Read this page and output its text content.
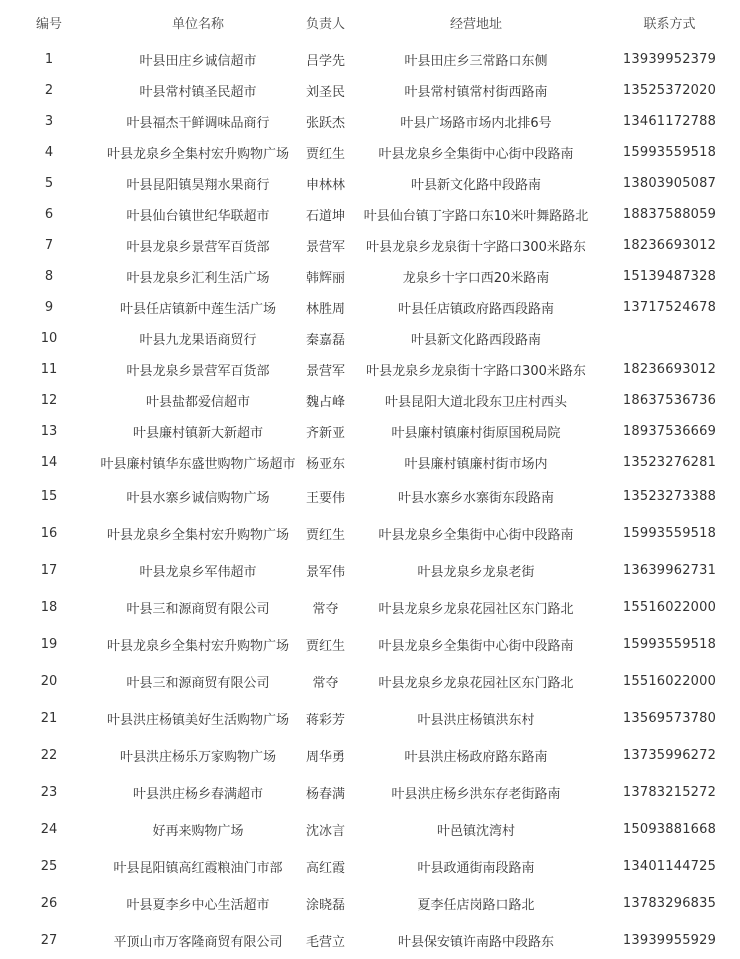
编号	单位名称	负责人	经营地址	联系方式
1	叶县田庄乡诚信超市	吕学先	叶县田庄乡三常路口东侧	13939952379
2	叶县常村镇圣民超市	刘圣民	叶县常村镇常村街西路南	13525372020
3	叶县福杰干鲜调味品商行	张跃杰	叶县广场路市场内北排6号	13461172788
4	叶县龙泉乡全集村宏升购物广场	贾红生	叶县龙泉乡全集街中心街中段路南	15993559518
5	叶县昆阳镇昊翔水果商行	申林林	叶县新文化路中段路南	13803905087
6	叶县仙台镇世纪华联超市	石道坤	叶县仙台镇丁字路口东10米叶舞路路北	18837588059
7	叶县龙泉乡景营军百货部	景营军	叶县龙泉乡龙泉街十字路口300米路东	18236693012
8	叶县龙泉乡汇利生活广场	韩辉丽	龙泉乡十字口西20米路南	15139487328
9	叶县任店镇新中莲生活广场	林胜周	叶县任店镇政府路西段路南	13717524678
10	叶县九龙果语商贸行	秦嘉磊	叶县新文化路西段路南	
11	叶县龙泉乡景营军百货部	景营军	叶县龙泉乡龙泉街十字路口300米路东	18236693012
12	叶县盐都爱信超市	魏占峰	叶县昆阳大道北段东卫庄村西头	18637536736
13	叶县廉村镇新大新超市	齐新亚	叶县廉村镇廉村街原国税局院	18937536669
14	叶县廉村镇华东盛世购物广场超市	杨亚东	叶县廉村镇廉村街市场内	13523276281
15	叶县水寨乡诚信购物广场	王要伟	叶县水寨乡水寨街东段路南	13523273388
16	叶县龙泉乡全集村宏升购物广场	贾红生	叶县龙泉乡全集街中心街中段路南	15993559518
17	叶县龙泉乡军伟超市	景军伟	叶县龙泉乡龙泉老街	13639962731
18	叶县三和源商贸有限公司	常夺	叶县龙泉乡龙泉花园社区东门路北	15516022000
19	叶县龙泉乡全集村宏升购物广场	贾红生	叶县龙泉乡全集街中心街中段路南	15993559518
20	叶县三和源商贸有限公司	常夺	叶县龙泉乡龙泉花园社区东门路北	15516022000
21	叶县洪庄杨镇美好生活购物广场	蒋彩芳	叶县洪庄杨镇洪东村	13569573780
22	叶县洪庄杨乐万家购物广场	周华勇	叶县洪庄杨政府路东路南	13735996272
23	叶县洪庄杨乡春满超市	杨春满	叶县洪庄杨乡洪东存老街路南	13783215272
24	好再来购物广场	沈冰言	叶邑镇沈湾村	15093881668
25	叶县昆阳镇高红霞粮油门市部	高红霞	叶县政通街南段路南	13401144725
26	叶县夏李乡中心生活超市	涂晓磊	夏李任店岗路口路北	13783296835
27	平顶山市万客隆商贸有限公司	毛营立	叶县保安镇许南路中段路东	13939955929
